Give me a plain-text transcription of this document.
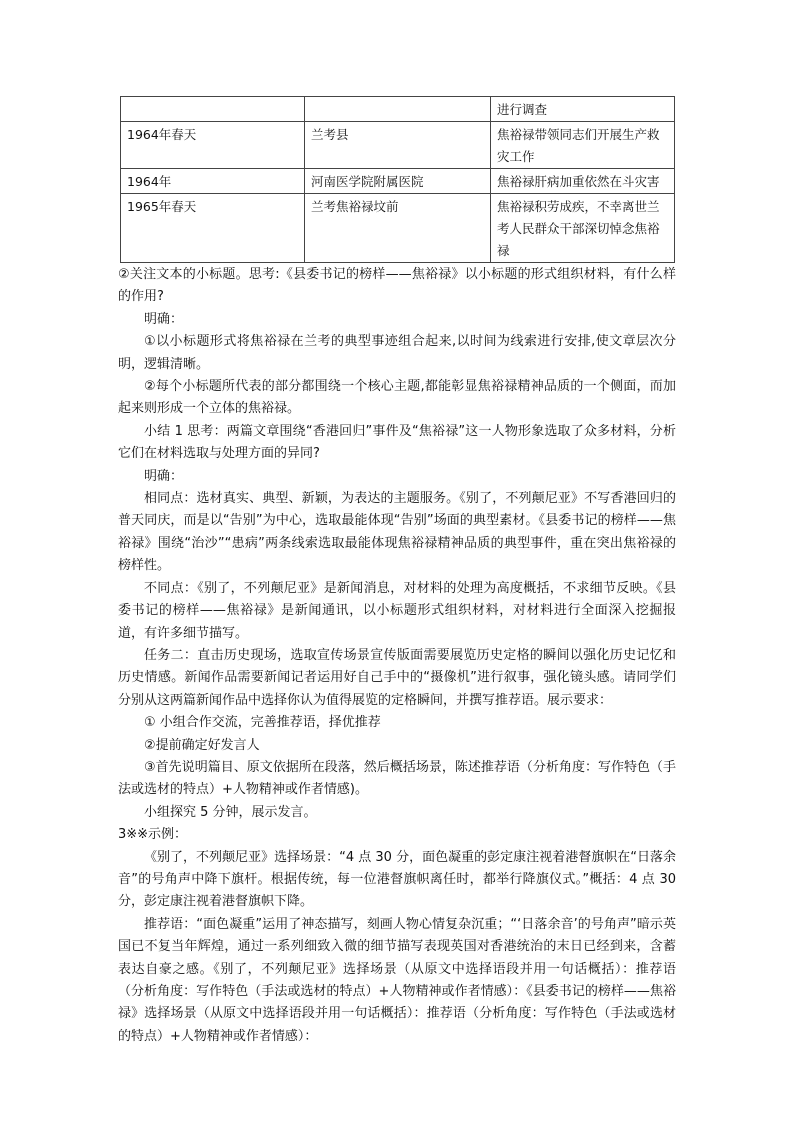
		进行调查
1964年春天	兰考县	焦裕禄带领同志们开展生产救灾工作
1964年	河南医学院附属医院	焦裕禄肝病加重依然在斗灾害
1965年春天	兰考焦裕禄坟前	焦裕禄积劳成疾，不幸离世兰考人民群众干部深切悼念焦裕禄

②关注文本的小标题。思考:《县委书记的榜样——焦裕禄》以小标题的形式组织材料，有什么样的作用?

明确：

①以小标题形式将焦裕禄在兰考的典型事迹组合起来,以时间为线索进行安排,使文章层次分明，逻辑清晰。

②每个小标题所代表的部分都围绕一个核心主题,都能彰显焦裕禄精神品质的一个侧面，而加起来则形成一个立体的焦裕禄。

小结 1 思考：两篇文章围绕“香港回归”事件及“焦裕禄”这一人物形象选取了众多材料，分析它们在材料选取与处理方面的异同?

明确：

相同点：选材真实、典型、新颖，为表达的主题服务。《别了，不列颠尼亚》不写香港回归的普天同庆，而是以“告别”为中心，选取最能体现“告别”场面的典型素材。《县委书记的榜样——焦裕禄》围绕“治沙”“患病”两条线索选取最能体现焦裕禄精神品质的典型事件，重在突出焦裕禄的榜样性。

不同点：《别了，不列颠尼亚》是新闻消息，对材料的处理为高度概括，不求细节反映。《县委书记的榜样——焦裕禄》是新闻通讯，以小标题形式组织材料，对材料进行全面深入挖掘报道，有许多细节描写。

任务二：直击历史现场，选取宣传场景宣传版面需要展览历史定格的瞬间以强化历史记忆和历史情感。新闻作品需要新闻记者运用好自己手中的“摄像机”进行叙事，强化镜头感。请同学们分别从这两篇新闻作品中选择你认为值得展览的定格瞬间，并撰写推荐语。展示要求：

① 小组合作交流，完善推荐语，择优推荐

②提前确定好发言人

③首先说明篇目、原文依据所在段落，然后概括场景，陈述推荐语（分析角度：写作特色（手法或选材的特点）+人物精神或作者情感)。

小组探究 5 分钟，展示发言。

3※※示例：

《别了，不列颠尼亚》选择场景：“4 点 30 分，面色凝重的彭定康注视着港督旗帜在“日落余音”的号角声中降下旗杆。根据传统，每一位港督旗帜离任时，都举行降旗仪式。”概括：4 点 30 分，彭定康注视着港督旗帜下降。

推荐语：“面色凝重”运用了神态描写，刻画人物心情复杂沉重；“‘日落余音’的号角声”暗示英国已不复当年辉煌，通过一系列细致入微的细节描写表现英国对香港统治的末日已经到来，含蓄表达自豪之感。《别了，不列颠尼亚》选择场景（从原文中选择语段并用一句话概括）：推荐语（分析角度：写作特色（手法或选材的特点）+人物精神或作者情感）：《县委书记的榜样——焦裕禄》选择场景（从原文中选择语段并用一句话概括）：推荐语（分析角度：写作特色（手法或选材的特点）+人物精神或作者情感）：
